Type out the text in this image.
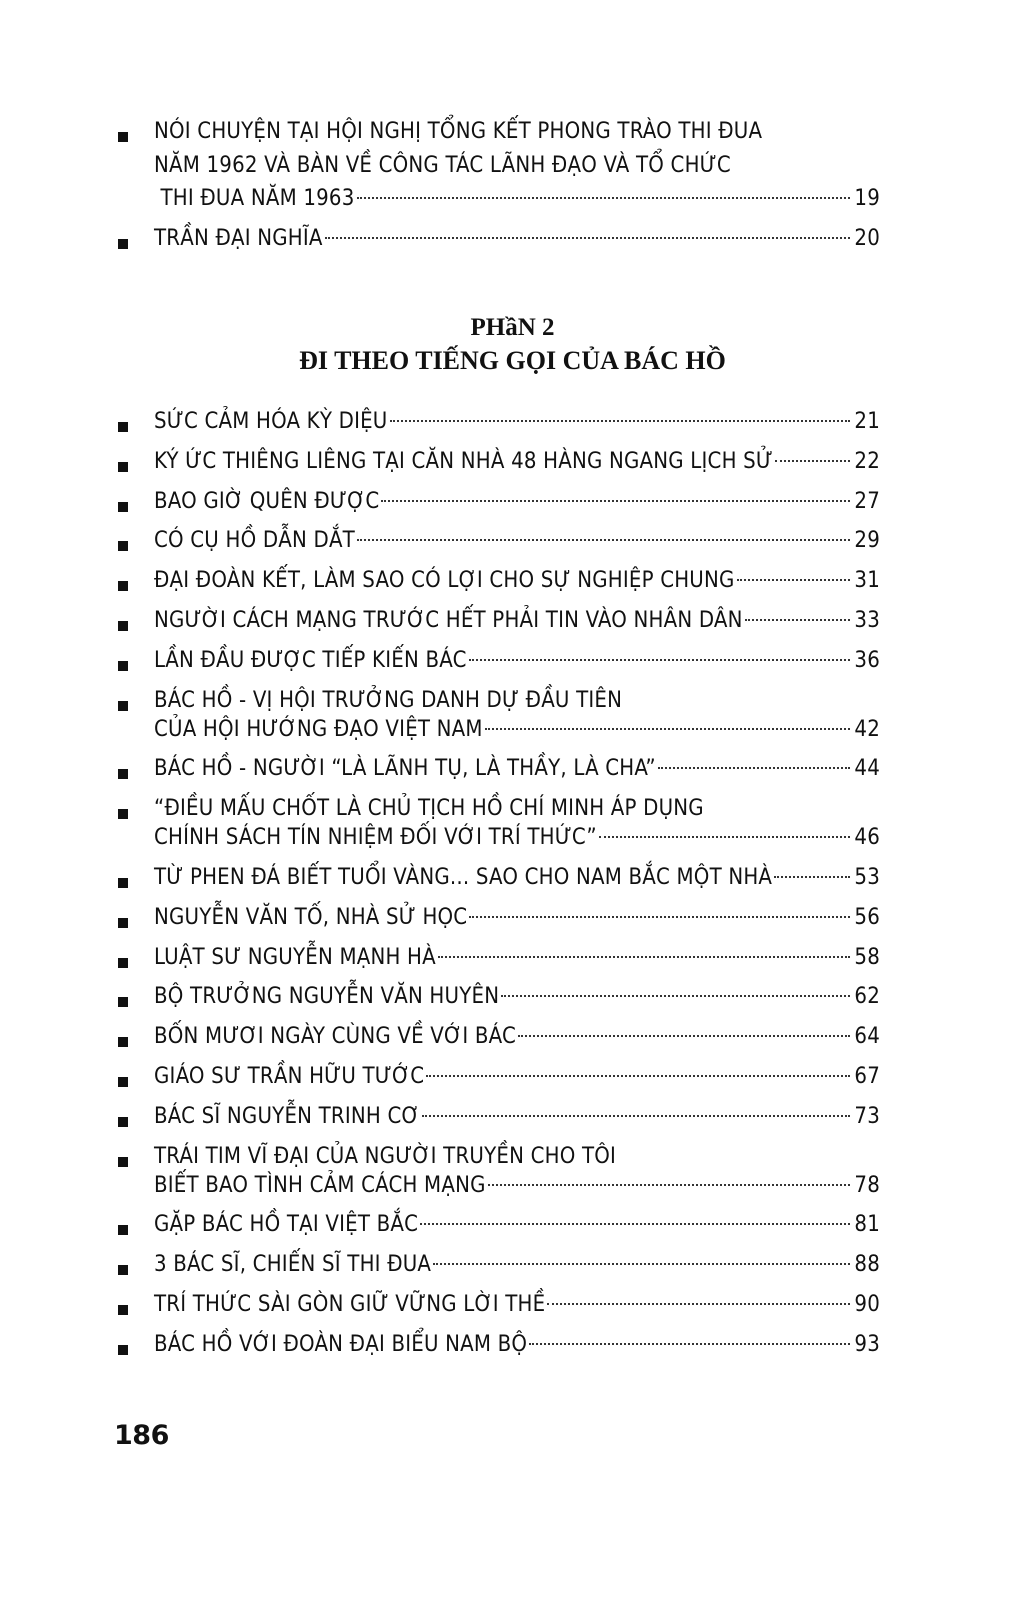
NÓI CHUYỆN TẠI HỘI NGHỊ TỔNG KẾT PHONG TRÀO THI ĐUA
NĂM 1962 VÀ BÀN VỀ CÔNG TÁC LÃNH ĐẠO VÀ TỔ CHỨC
THI ĐUA NĂM 1963	19
TRẦN ĐẠI NGHĨA	20
PHầN 2
ĐI THEO TIẾNG GỌI CỦA BÁC HỒ
SỨC CẢM HÓA KỲ DIỆU	21
KÝ ỨC THIÊNG LIÊNG TẠI CĂN NHÀ 48 HÀNG NGANG LỊCH SỬ	22
BAO GIỜ QUÊN ĐƯỢC	27
CÓ CỤ HỒ DẪN DẮT	29
ĐẠI ĐOÀN KẾT, LÀM SAO CÓ LỢI CHO SỰ NGHIỆP CHUNG	31
NGƯỜI CÁCH MẠNG TRƯỚC HẾT PHẢI TIN VÀO NHÂN DÂN	33
LẦN ĐẦU ĐƯỢC TIẾP KIẾN BÁC	36
BÁC HỒ - VỊ HỘI TRƯỞNG DANH DỰ ĐẦU TIÊN
CỦA HỘI HƯỚNG ĐẠO VIỆT NAM	42
BÁC HỒ - NGƯỜI “LÀ LÃNH TỤ, LÀ THẦY, LÀ CHA”	44
“ĐIỀU MẤU CHỐT LÀ CHỦ TỊCH HỒ CHÍ MINH ÁP DỤNG
CHÍNH SÁCH TÍN NHIỆM ĐỐI VỚI TRÍ THỨC”	46
TỪ PHEN ĐÁ BIẾT TUỔI VÀNG... SAO CHO NAM BẮC MỘT NHÀ	53
NGUYỄN VĂN TỐ, NHÀ SỬ HỌC	56
LUẬT SƯ NGUYỄN MẠNH HÀ	58
BỘ TRƯỞNG NGUYỄN VĂN HUYÊN	62
BỐN MƯƠI NGÀY CÙNG VỀ VỚI BÁC	64
GIÁO SƯ TRẦN HỮU TƯỚC	67
BÁC SĨ NGUYỄN TRINH CƠ	73
TRÁI TIM VĨ ĐẠI CỦA NGƯỜI TRUYỀN CHO TÔI
BIẾT BAO TÌNH CẢM CÁCH MẠNG	78
GẶP BÁC HỒ TẠI VIỆT BẮC	81
3 BÁC SĨ, CHIẾN SĨ THI ĐUA	88
TRÍ THỨC SÀI GÒN GIỮ VỮNG LỜI THỀ	90
BÁC HỒ VỚI ĐOÀN ĐẠI BIỂU NAM BỘ	93
186
